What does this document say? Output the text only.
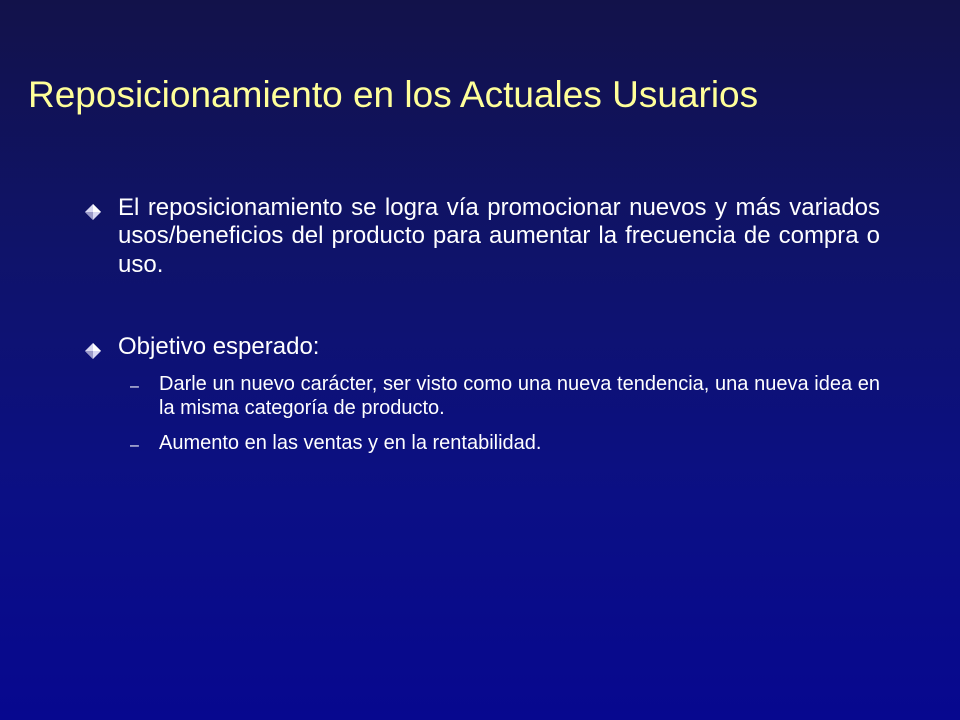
Reposicionamiento en los Actuales Usuarios
El reposicionamiento se logra vía promocionar nuevos y más variados usos/beneficios del producto para aumentar la frecuencia de compra o uso.
Objetivo esperado:
– Darle un nuevo carácter, ser visto como una nueva tendencia, una nueva idea en la misma categoría de producto.
– Aumento en las ventas y en la rentabilidad.
